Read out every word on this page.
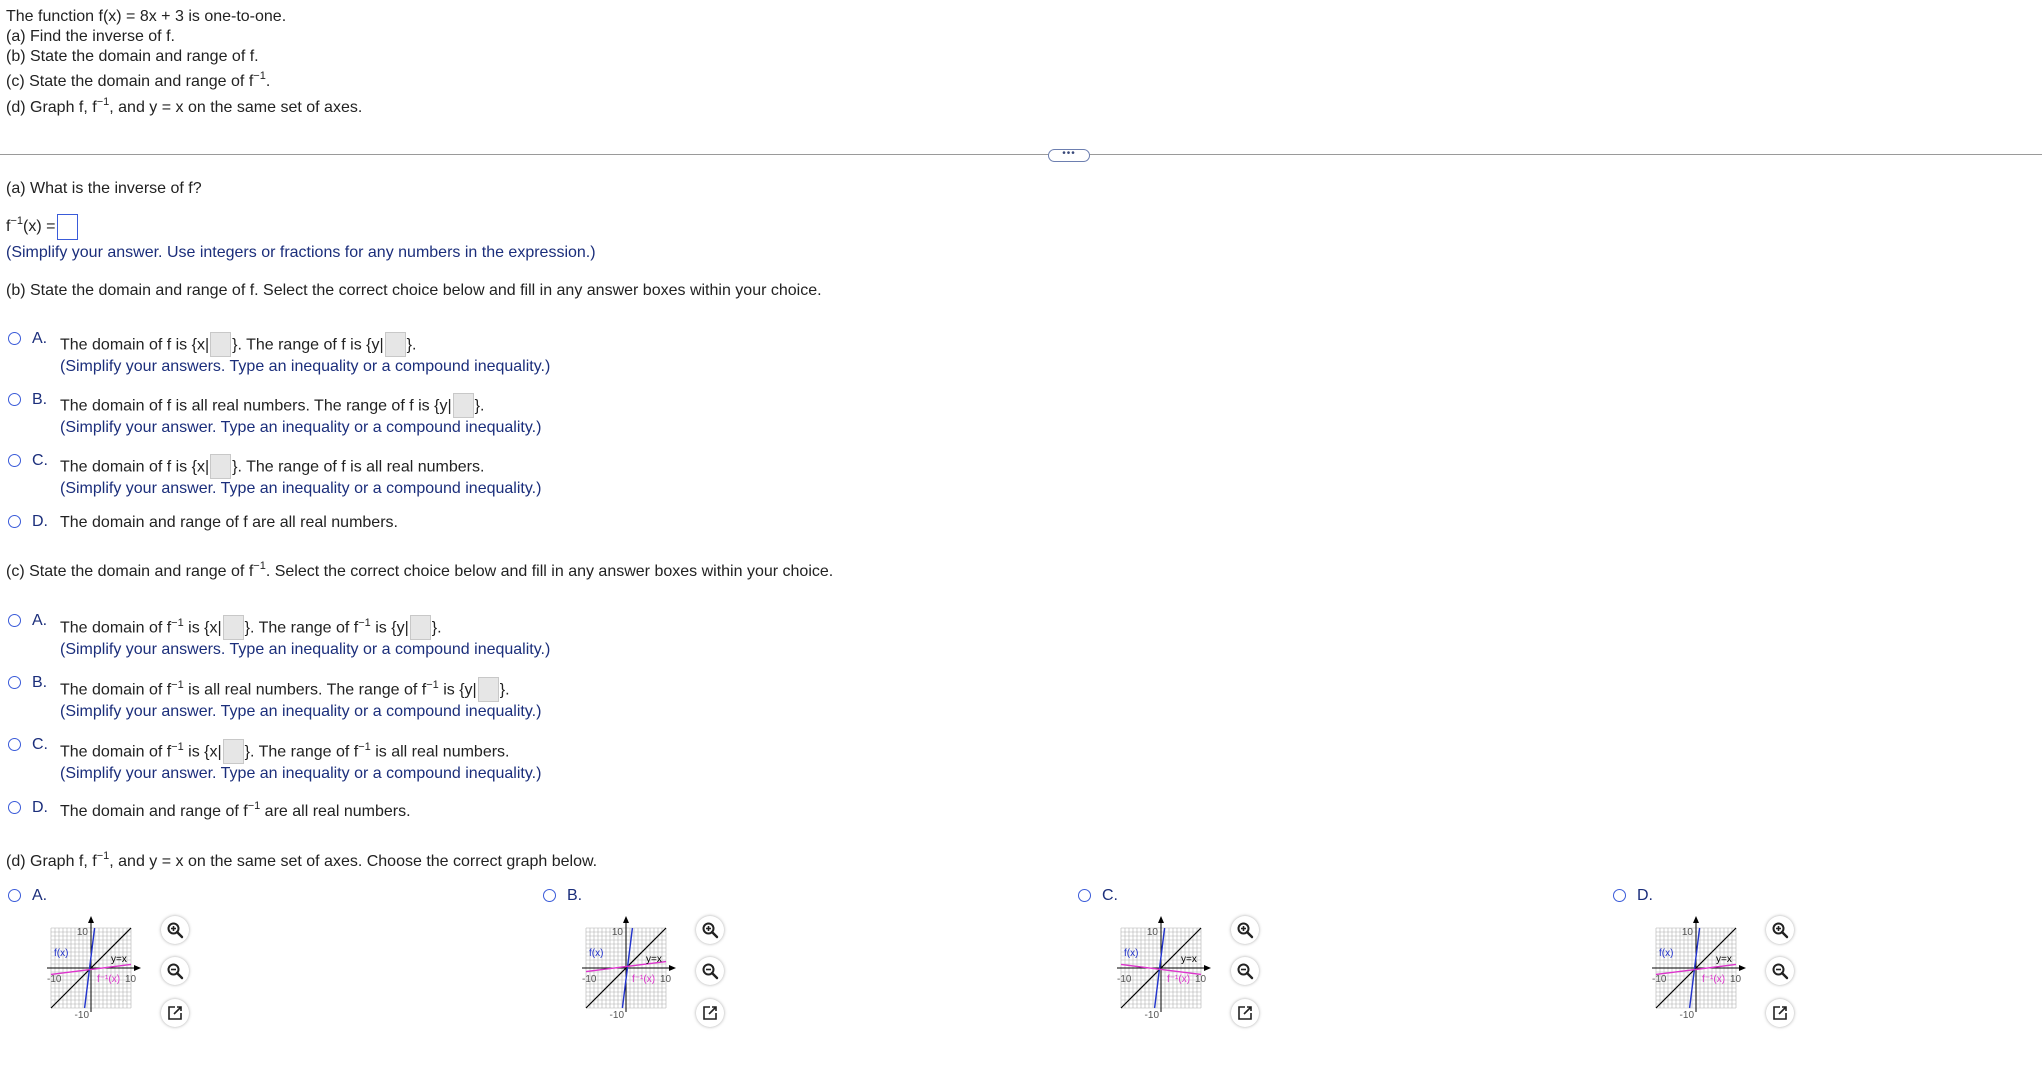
The function f(x) = 8x + 3 is one-to-one.
(a) Find the inverse of f.
(b) State the domain and range of f.
(c) State the domain and range of $f^{-1}$.
(d) Graph f, $f^{-1}$, and y = x on the same set of axes.
•••
(a) What is the inverse of f?
$f^{-1}(x)$ =
(Simplify your answer. Use integers or fractions for any numbers in the expression.)
(b) State the domain and range of f. Select the correct choice below and fill in any answer boxes within your choice.
A. The domain of f is {x| }. The range of f is {y| }.
(Simplify your answers. Type an inequality or a compound inequality.)
B. The domain of f is all real numbers. The range of f is {y| }.
(Simplify your answer. Type an inequality or a compound inequality.)
C. The domain of f is {x| }. The range of f is all real numbers.
(Simplify your answer. Type an inequality or a compound inequality.)
D. The domain and range of f are all real numbers.
(c) State the domain and range of $f^{-1}$. Select the correct choice below and fill in any answer boxes within your choice.
A. The domain of $f^{-1}$ is {x| }. The range of $f^{-1}$ is {y| }.
(Simplify your answers. Type an inequality or a compound inequality.)
B. The domain of $f^{-1}$ is all real numbers. The range of $f^{-1}$ is {y| }.
(Simplify your answer. Type an inequality or a compound inequality.)
C. The domain of $f^{-1}$ is {x| }. The range of $f^{-1}$ is all real numbers.
(Simplify your answer. Type an inequality or a compound inequality.)
D. The domain and range of $f^{-1}$ are all real numbers.
(d) Graph f, $f^{-1}$, and y = x on the same set of axes. Choose the correct graph below.
A.
10
-10	10
-10
f(x)
y=x
f⁻¹(x)
B.
10
-10	10
-10
f(x)
y=x
f⁻¹(x)
C.
10
-10	10
-10
f(x)
y=x
f⁻¹(x)
D.
10
-10	10
-10
f(x)
y=x
f⁻¹(x)
